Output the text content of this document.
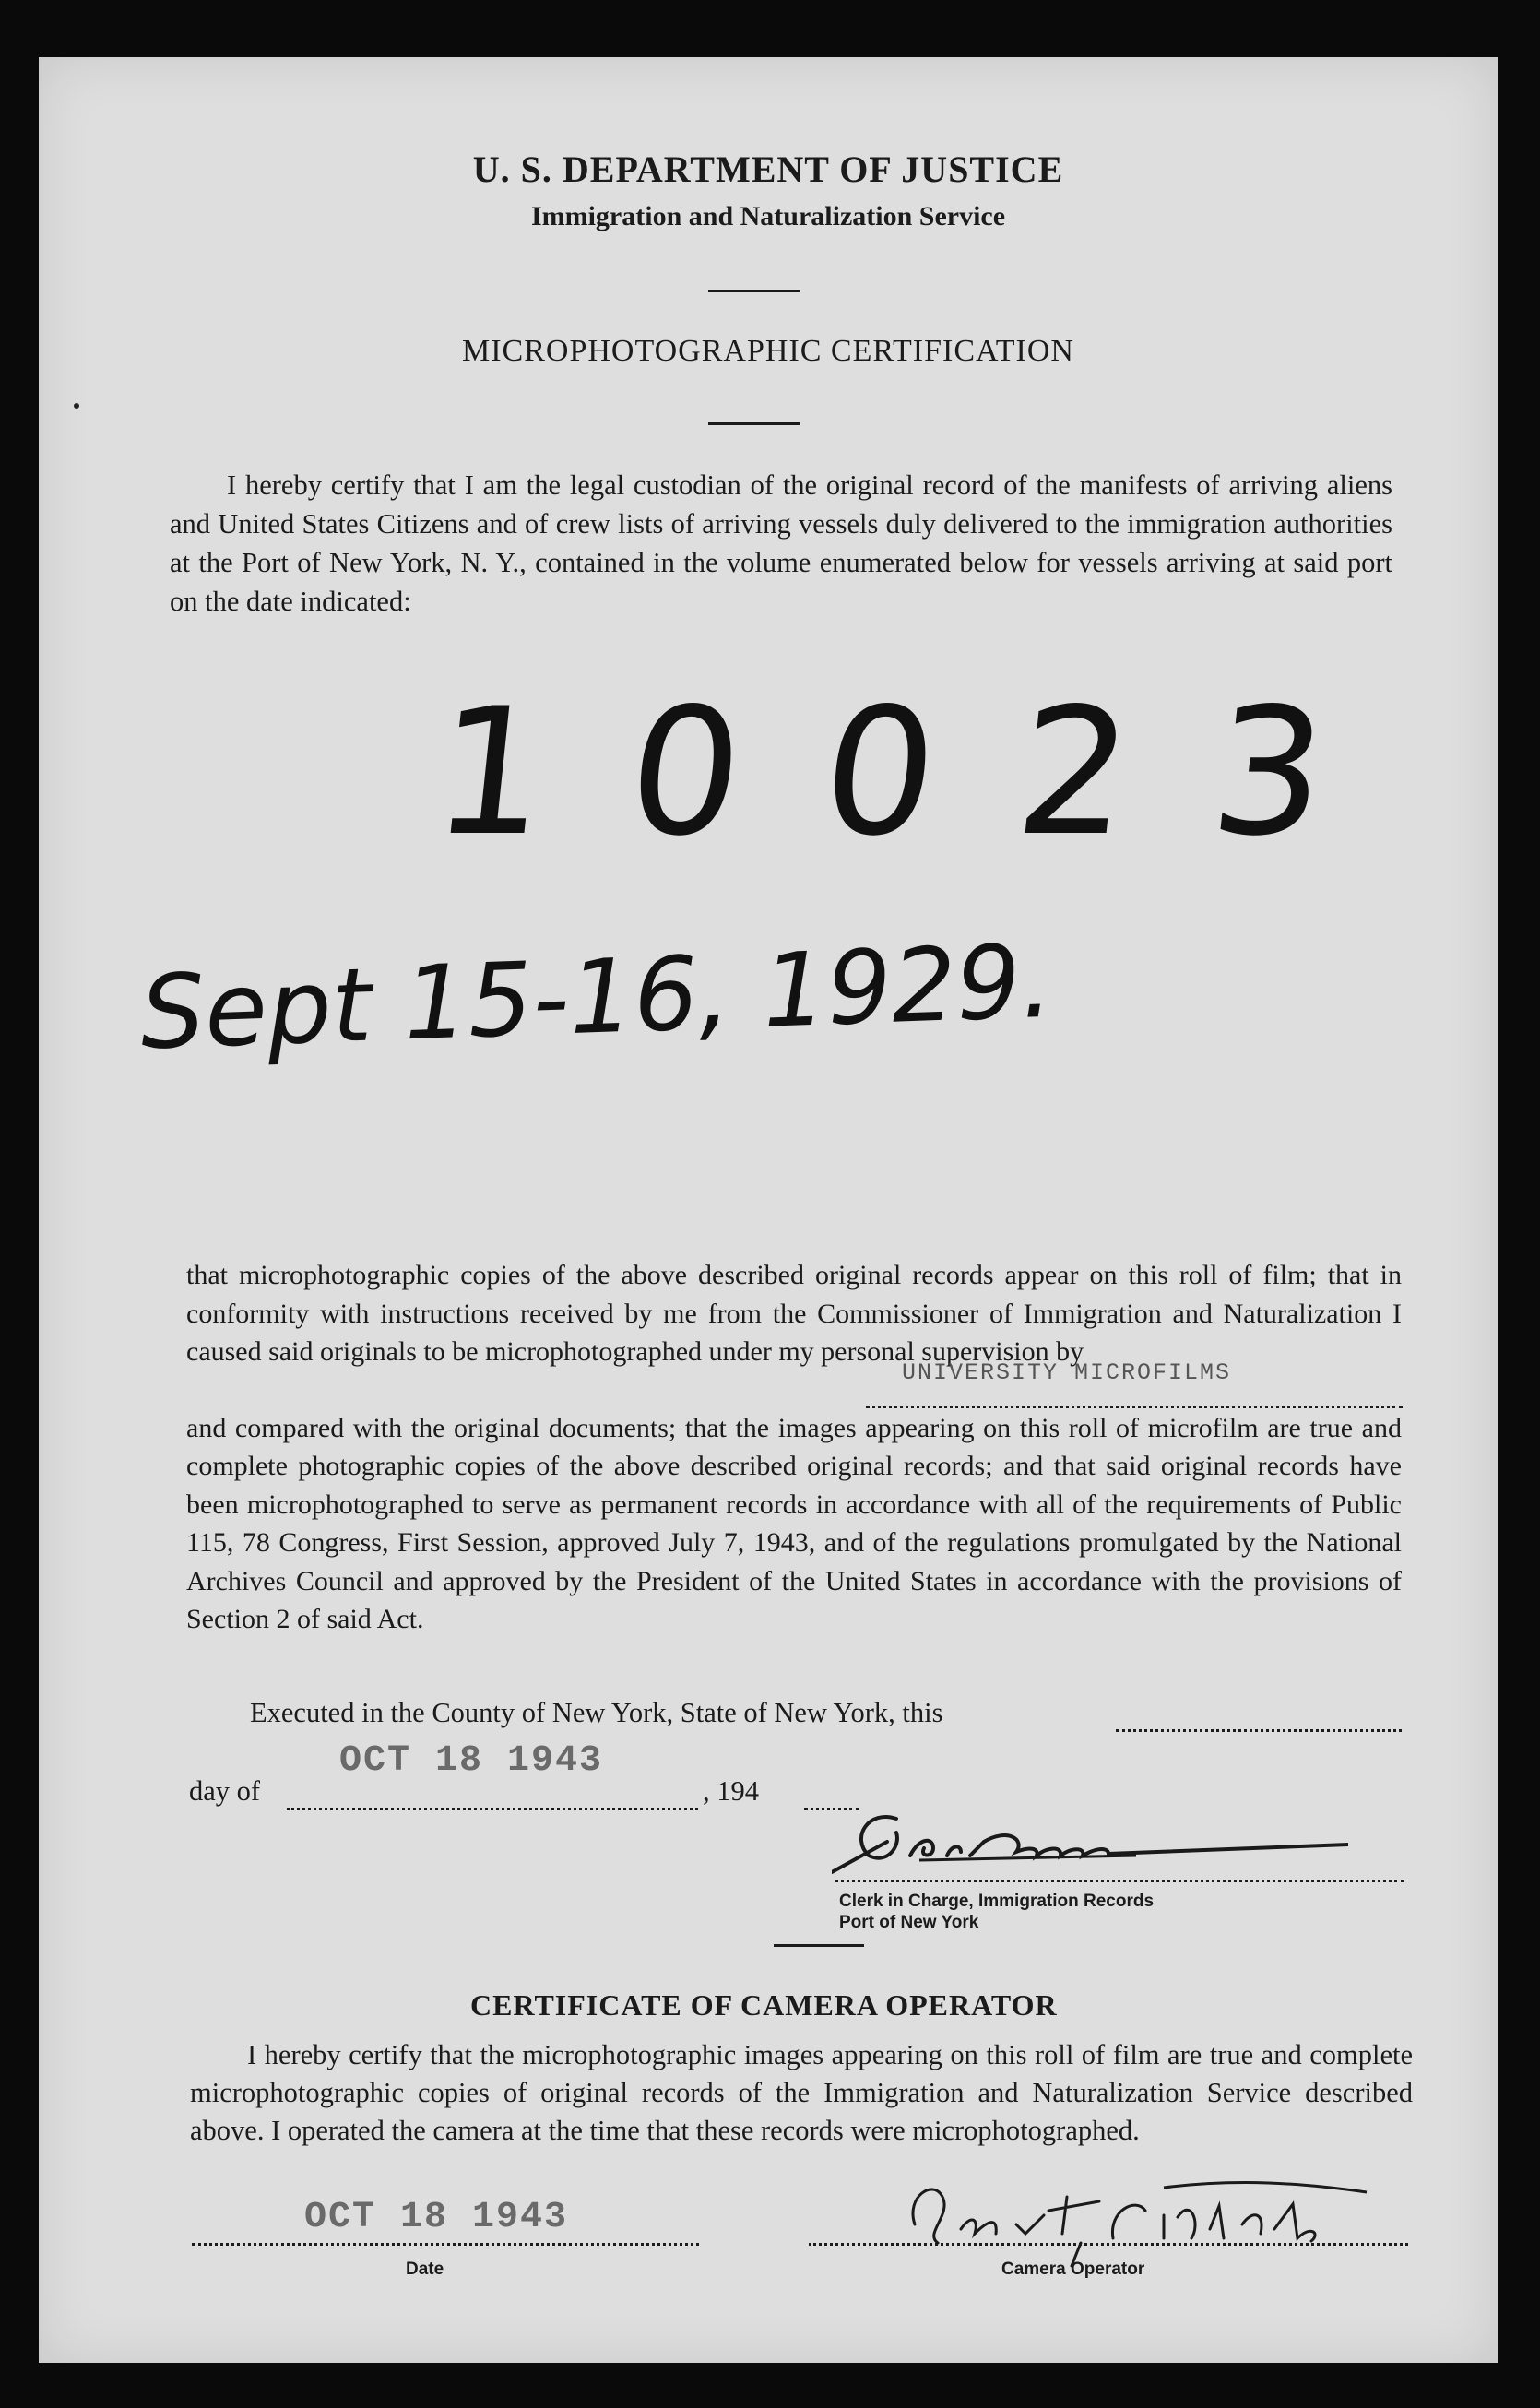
U. S. DEPARTMENT OF JUSTICE
Immigration and Naturalization Service
MICROPHOTOGRAPHIC CERTIFICATION
I hereby certify that I am the legal custodian of the original record of the manifests of arriving aliens and United States Citizens and of crew lists of arriving vessels duly delivered to the immigration authorities at the Port of New York, N. Y., contained in the volume enumerated below for vessels arriving at said port on the date indicated:
10023
Sept 15-16, 1929.

that microphotographic copies of the above described original records appear on this roll of film; that in conformity with instructions received by me from the Commissioner of Immigration and Naturalization I caused said originals to be microphotographed under my personal supervision by

and compared with the original documents; that the images appearing on this roll of microfilm are true and complete photographic copies of the above described original records; and that said original records have been microphotographed to serve as permanent records in accordance with all of the requirements of Public 115, 78 Congress, First Session, approved July 7, 1943, and of the regulations promulgated by the National Archives Council and approved by the President of the United States in accordance with the provisions of Section 2 of said Act.

UNIVERSITY MICROFILMS
Executed in the County of New York, State of New York, this
OCT 18 1943
day of	, 194
Clerk in Charge, Immigration Records
Port of New York
CERTIFICATE OF CAMERA OPERATOR
I hereby certify that the microphotographic images appearing on this roll of film are true and complete microphotographic copies of original records of the Immigration and Naturalization Service described above. I operated the camera at the time that these records were microphotographed.
OCT 18 1943
Date	Camera Operator
